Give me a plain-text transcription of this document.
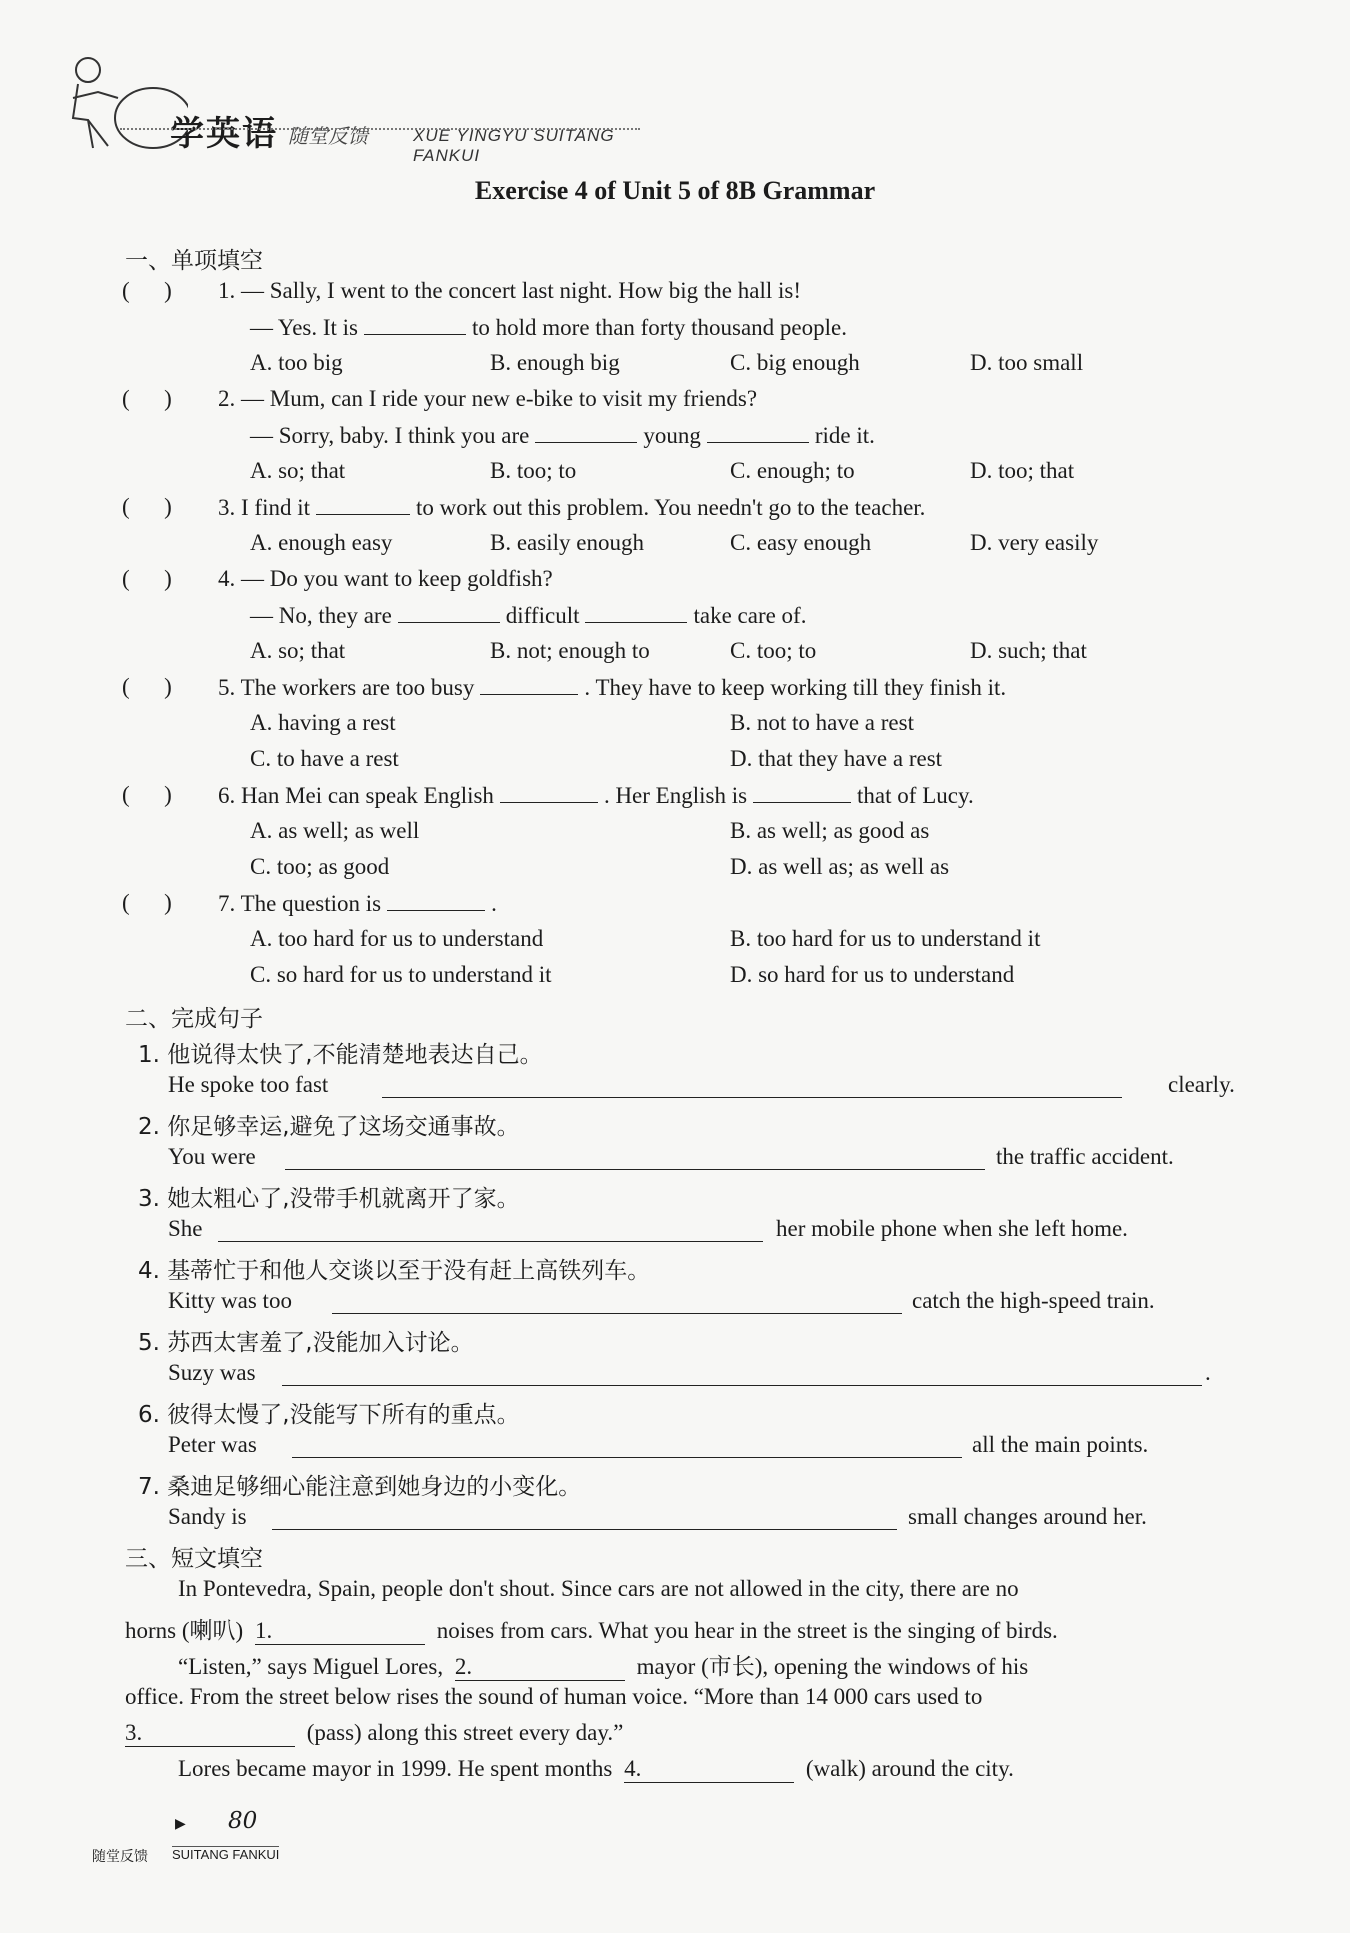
学英语 随堂反馈	XUE YINGYU SUITANG FANKUI
Exercise 4 of Unit 5 of 8B Grammar
一、单项填空
(      ) 1. — Sally, I went to the concert last night. How big the hall is!
— Yes. It is	to hold more than forty thousand people.
A. too big	B. enough big	C. big enough	D. too small
(      ) 2. — Mum, can I ride your new e-bike to visit my friends?
— Sorry, baby. I think you are	young	ride it.
A. so; that	B. too; to	C. enough; to	D. too; that
(      ) 3. I find it	to work out this problem. You needn't go to the teacher.
A. enough easy	B. easily enough	C. easy enough	D. very easily
(      ) 4. — Do you want to keep goldfish?
— No, they are	difficult	take care of.
A. so; that	B. not; enough to	C. too; to	D. such; that
(      ) 5. The workers are too busy	. They have to keep working till they finish it.
A. having a rest	B. not to have a rest
C. to have a rest	D. that they have a rest
(      ) 6. Han Mei can speak English	. Her English is	that of Lucy.
A. as well; as well	B. as well; as good as
C. too; as good	D. as well as; as well as
(      ) 7. The question is	.
A. too hard for us to understand	B. too hard for us to understand it
C. so hard for us to understand it	D. so hard for us to understand
二、完成句子
1. 他说得太快了,不能清楚地表达自己。
He spoke too fast	clearly.
2. 你足够幸运,避免了这场交通事故。
You were	the traffic accident.
3. 她太粗心了,没带手机就离开了家。
She	her mobile phone when she left home.
4. 基蒂忙于和他人交谈以至于没有赶上高铁列车。
Kitty was too	catch the high-speed train.
5. 苏西太害羞了,没能加入讨论。
Suzy was	.
6. 彼得太慢了,没能写下所有的重点。
Peter was	all the main points.
7. 桑迪足够细心能注意到她身边的小变化。
Sandy is	small changes around her.
三、短文填空
In Pontevedra, Spain, people don't shout. Since cars are not allowed in the city, there are no
horns (喇叭) 1.	noises from cars. What you hear in the street is the singing of birds.
“Listen,” says Miguel Lores, 2.	mayor (市长), opening the windows of his
office. From the street below rises the sound of human voice. “More than 14 000 cars used to
3.	(pass) along this street every day.”
Lores became mayor in 1999. He spent months 4.	(walk) around the city.
▶ 80
随堂反馈 SUITANG FANKUI
